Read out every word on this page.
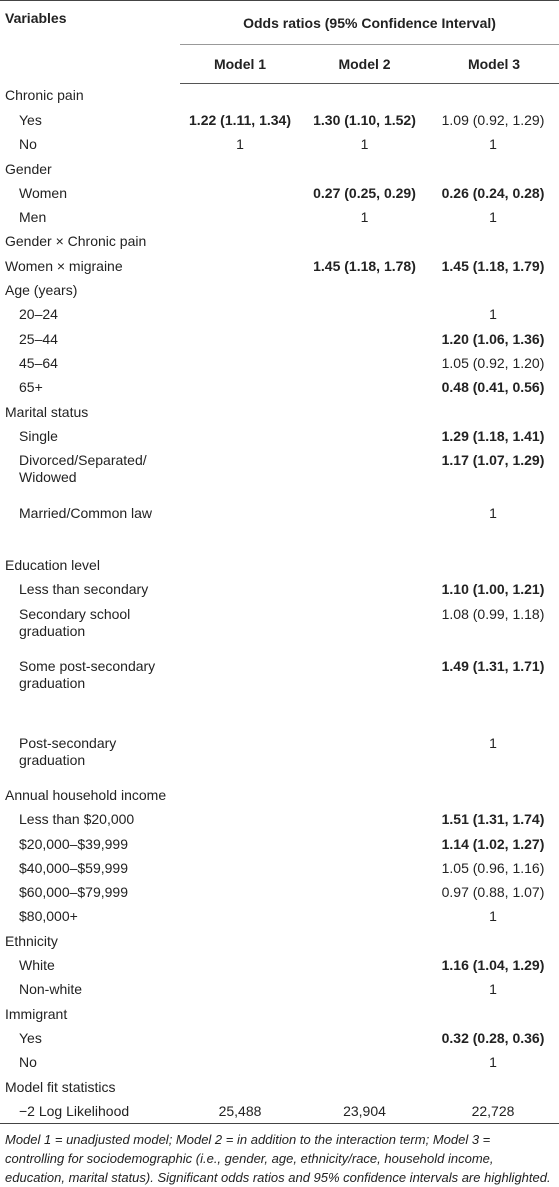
Variables	Odds ratios (95% Confidence Interval)		
	Model 1	Model 2	Model 3
Chronic pain			
Yes	1.22 (1.11, 1.34)	1.30 (1.10, 1.52)	1.09 (0.92, 1.29)
No	1	1	1
Gender			
Women		0.27 (0.25, 0.29)	0.26 (0.24, 0.28)
Men		1	1
Gender × Chronic pain			
Women × migraine		1.45 (1.18, 1.78)	1.45 (1.18, 1.79)
Age (years)			
20–24			1
25–44			1.20 (1.06, 1.36)
45–64			1.05 (0.92, 1.20)
65+			0.48 (0.41, 0.56)
Marital status			
Single			1.29 (1.18, 1.41)
Divorced/Separated/ Widowed			1.17 (1.07, 1.29)
Married/Common law			1
Education level			
Less than secondary			1.10 (1.00, 1.21)
Secondary school graduation			1.08 (0.99, 1.18)
Some post-secondary graduation			1.49 (1.31, 1.71)
Post-secondary graduation			1
Annual household income			
Less than $20,000			1.51 (1.31, 1.74)
$20,000–$39,999			1.14 (1.02, 1.27)
$40,000–$59,999			1.05 (0.96, 1.16)
$60,000–$79,999			0.97 (0.88, 1.07)
$80,000+			1
Ethnicity			
White			1.16 (1.04, 1.29)
Non-white			1
Immigrant			
Yes			0.32 (0.28, 0.36)
No			1
Model fit statistics			
−2 Log Likelihood	25,488	23,904	22,728
Model 1 = unadjusted model; Model 2 = in addition to the interaction term; Model 3 = controlling for sociodemographic (i.e., gender, age, ethnicity/race, household income, education, marital status). Significant odds ratios and 95% confidence intervals are highlighted.
